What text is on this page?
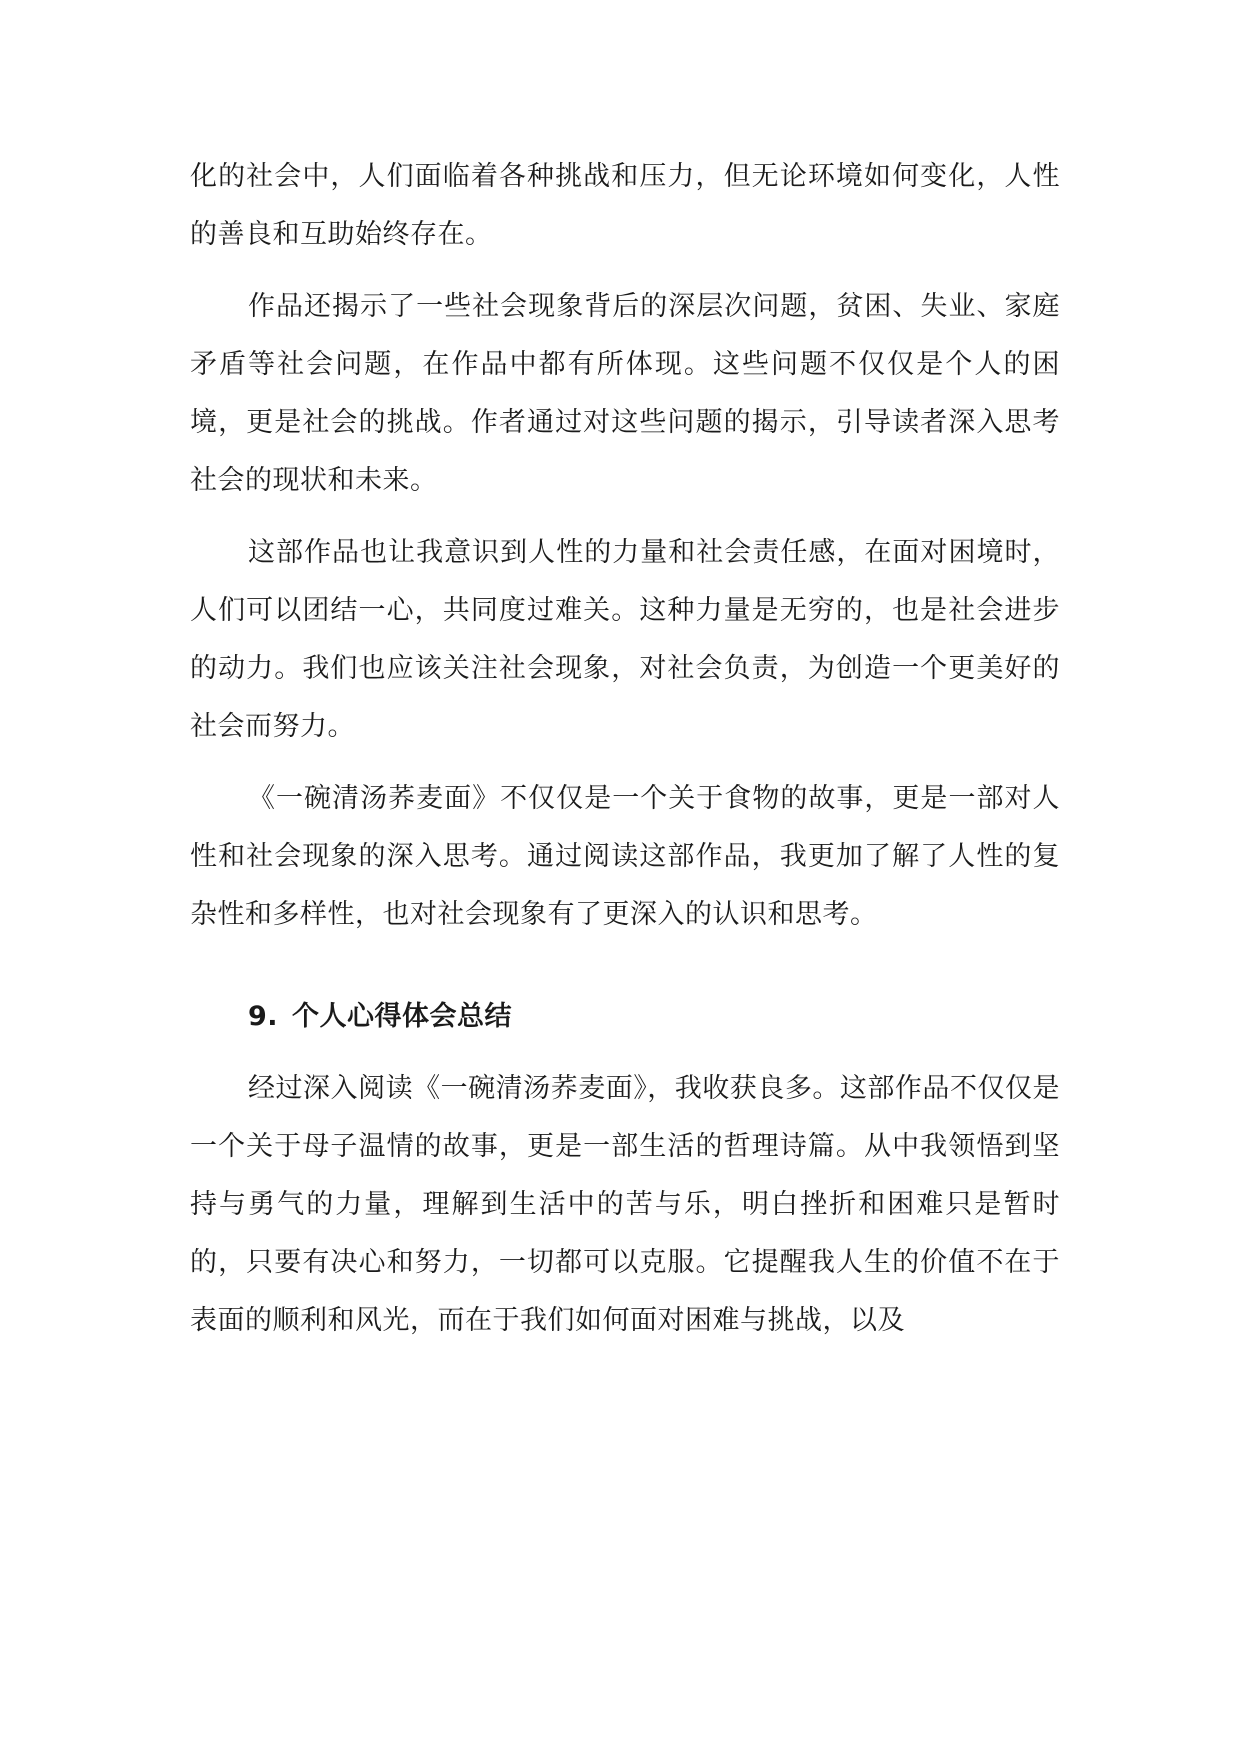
化的社会中，人们面临着各种挑战和压力，但无论环境如何变化，人性的善良和互助始终存在。

作品还揭示了一些社会现象背后的深层次问题，贫困、失业、家庭矛盾等社会问题，在作品中都有所体现。这些问题不仅仅是个人的困境，更是社会的挑战。作者通过对这些问题的揭示，引导读者深入思考社会的现状和未来。

这部作品也让我意识到人性的力量和社会责任感，在面对困境时，人们可以团结一心，共同度过难关。这种力量是无穷的，也是社会进步的动力。我们也应该关注社会现象，对社会负责，为创造一个更美好的社会而努力。

《一碗清汤荞麦面》不仅仅是一个关于食物的故事，更是一部对人性和社会现象的深入思考。通过阅读这部作品，我更加了解了人性的复杂性和多样性，也对社会现象有了更深入的认识和思考。

9. 个人心得体会总结

经过深入阅读《一碗清汤荞麦面》，我收获良多。这部作品不仅仅是一个关于母子温情的故事，更是一部生活的哲理诗篇。从中我领悟到坚持与勇气的力量，理解到生活中的苦与乐，明白挫折和困难只是暂时的，只要有决心和努力，一切都可以克服。它提醒我人生的价值不在于表面的顺利和风光，而在于我们如何面对困难与挑战，以及
